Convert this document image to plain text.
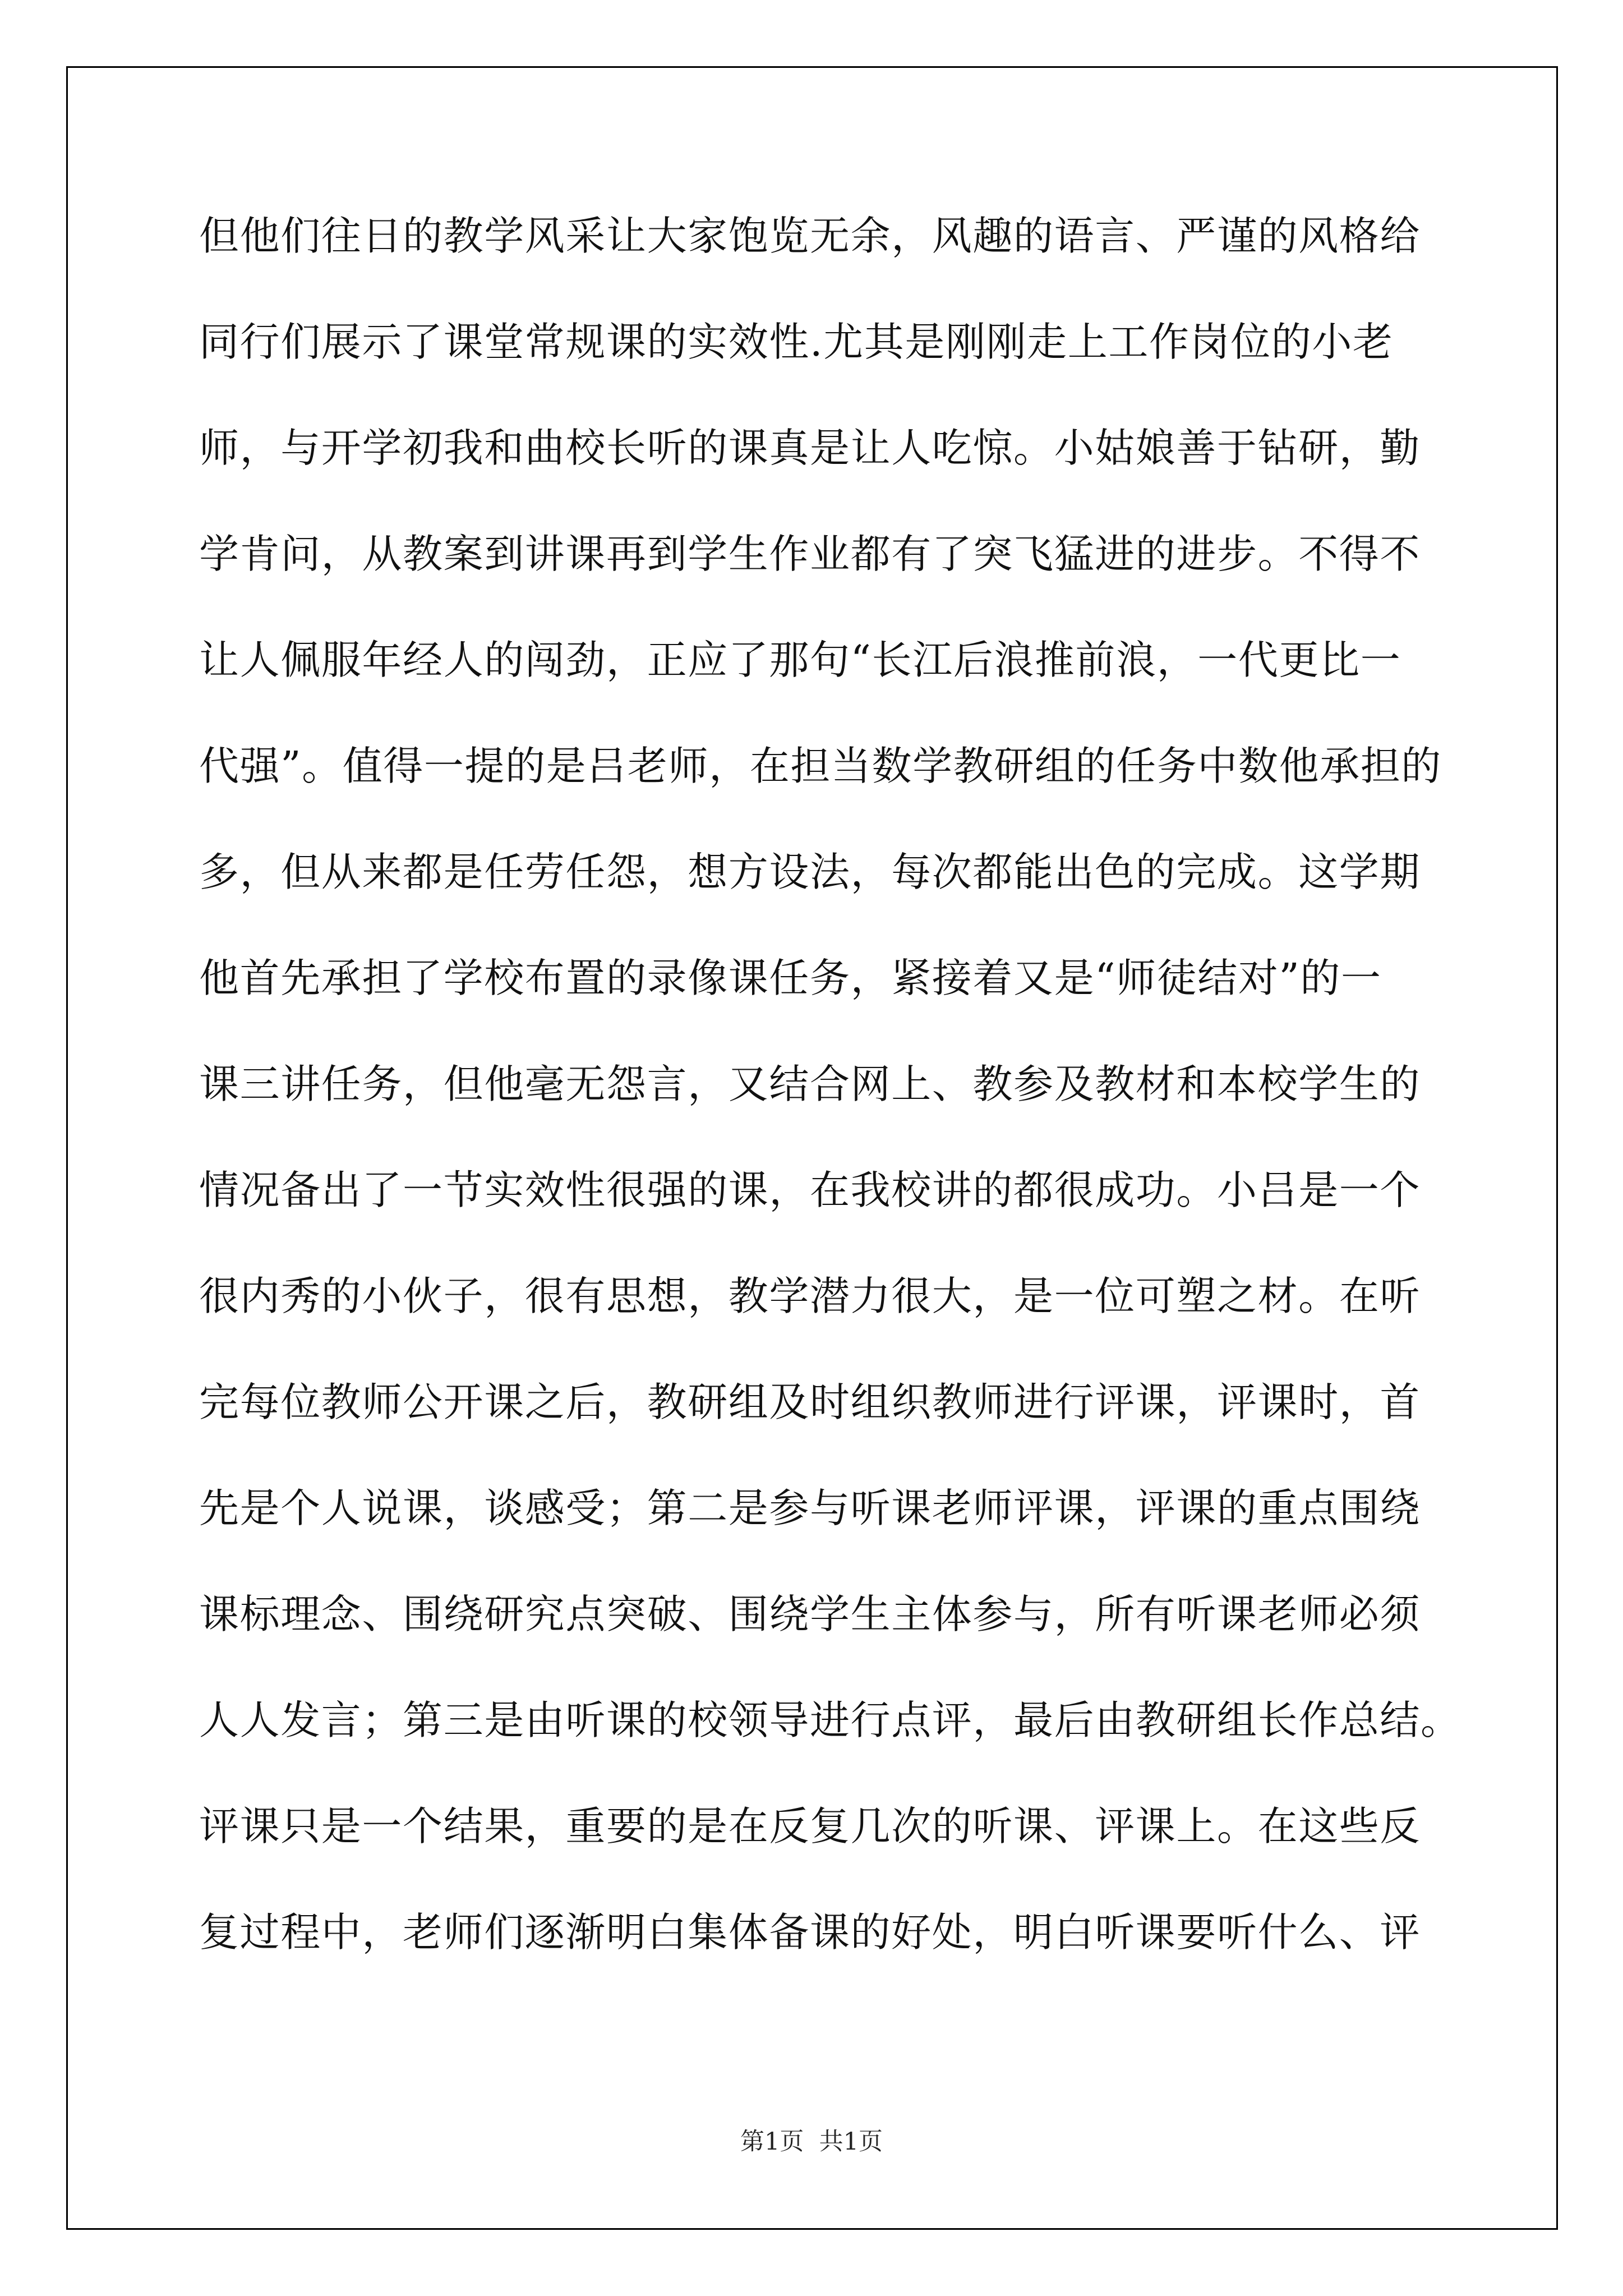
但他们往日的教学风采让大家饱览无余，风趣的语言、严谨的风格给
同行们展示了课堂常规课的实效性.尤其是刚刚走上工作岗位的小老
师，与开学初我和曲校长听的课真是让人吃惊。小姑娘善于钻研，勤
学肯问，从教案到讲课再到学生作业都有了突飞猛进的进步。不得不
让人佩服年经人的闯劲，正应了那句“长江后浪推前浪，一代更比一
代强”。值得一提的是吕老师，在担当数学教研组的任务中数他承担的
多，但从来都是任劳任怨，想方设法，每次都能出色的完成。这学期
他首先承担了学校布置的录像课任务，紧接着又是“师徒结对”的一
课三讲任务，但他毫无怨言，又结合网上、教参及教材和本校学生的
情况备出了一节实效性很强的课，在我校讲的都很成功。小吕是一个
很内秀的小伙子，很有思想，教学潜力很大，是一位可塑之材。在听
完每位教师公开课之后，教研组及时组织教师进行评课，评课时，首
先是个人说课，谈感受；第二是参与听课老师评课，评课的重点围绕
课标理念、围绕研究点突破、围绕学生主体参与，所有听课老师必须
人人发言；第三是由听课的校领导进行点评，最后由教研组长作总结。
评课只是一个结果，重要的是在反复几次的听课、评课上。在这些反
复过程中，老师们逐渐明白集体备课的好处，明白听课要听什么、评
第1页  共1页
